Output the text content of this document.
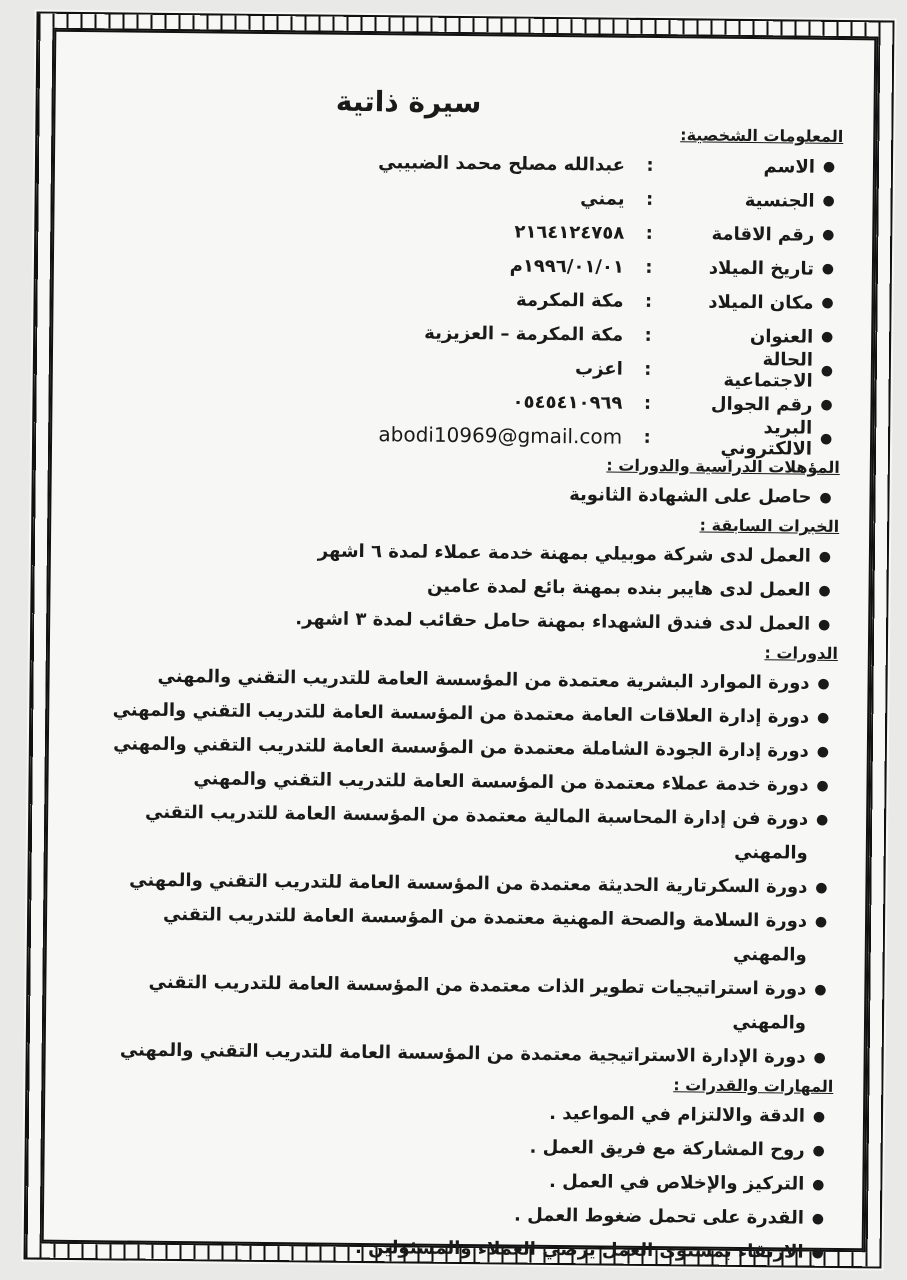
سيرة ذاتية
المعلومات الشخصية:
●
الاسم
:
عبدالله مصلح محمد الضبيبي
●
الجنسية
:
يمني
●
رقم الاقامة
:
٢١٦٤١٢٤٧٥٨
●
تاريخ الميلاد
:
١٩٩٦/٠١/٠١م
●
مكان الميلاد
:
مكة المكرمة
●
العنوان
:
مكة المكرمة – العزيزية
●
الحالة الاجتماعية
:
اعزب
●
رقم الجوال
:
٠٥٤٥٤١٠٩٦٩
●
البريد الالكتروني
:
abodi10969@gmail.com
المؤهلات الدراسية والدورات :
●
حاصل على الشهادة الثانوية
الخبرات السابقة :
●
العمل لدى شركة موبيلي بمهنة خدمة عملاء لمدة ٦ اشهر
●
العمل لدى هايبر بنده بمهنة بائع لمدة عامين
●
العمل لدى فندق الشهداء بمهنة حامل حقائب لمدة ٣ اشهر.
الدورات :
●
دورة الموارد البشرية معتمدة من المؤسسة العامة للتدريب التقني والمهني
●
دورة إدارة العلاقات العامة معتمدة من المؤسسة العامة للتدريب التقني والمهني
●
دورة إدارة الجودة الشاملة معتمدة من المؤسسة العامة للتدريب التقني والمهني
●
دورة خدمة عملاء معتمدة من المؤسسة العامة للتدريب التقني والمهني
●
دورة فن إدارة المحاسبة المالية معتمدة من المؤسسة العامة للتدريب التقني والمهني
●
دورة السكرتارية الحديثة معتمدة من المؤسسة العامة للتدريب التقني والمهني
●
دورة السلامة والصحة المهنية معتمدة من المؤسسة العامة للتدريب التقني والمهني
●
دورة استراتيجيات تطوير الذات معتمدة من المؤسسة العامة للتدريب التقني والمهني
●
دورة الإدارة الاستراتيجية معتمدة من المؤسسة العامة للتدريب التقني والمهني
المهارات والقدرات :
●
الدقة والالتزام في المواعيد .
●
روح المشاركة مع فريق العمل .
●
التركيز والإخلاص في العمل .
●
القدرة على تحمل ضغوط العمل .
●
الارتقاء بمستوى العمل يرضي العملاء والمسئولين .
